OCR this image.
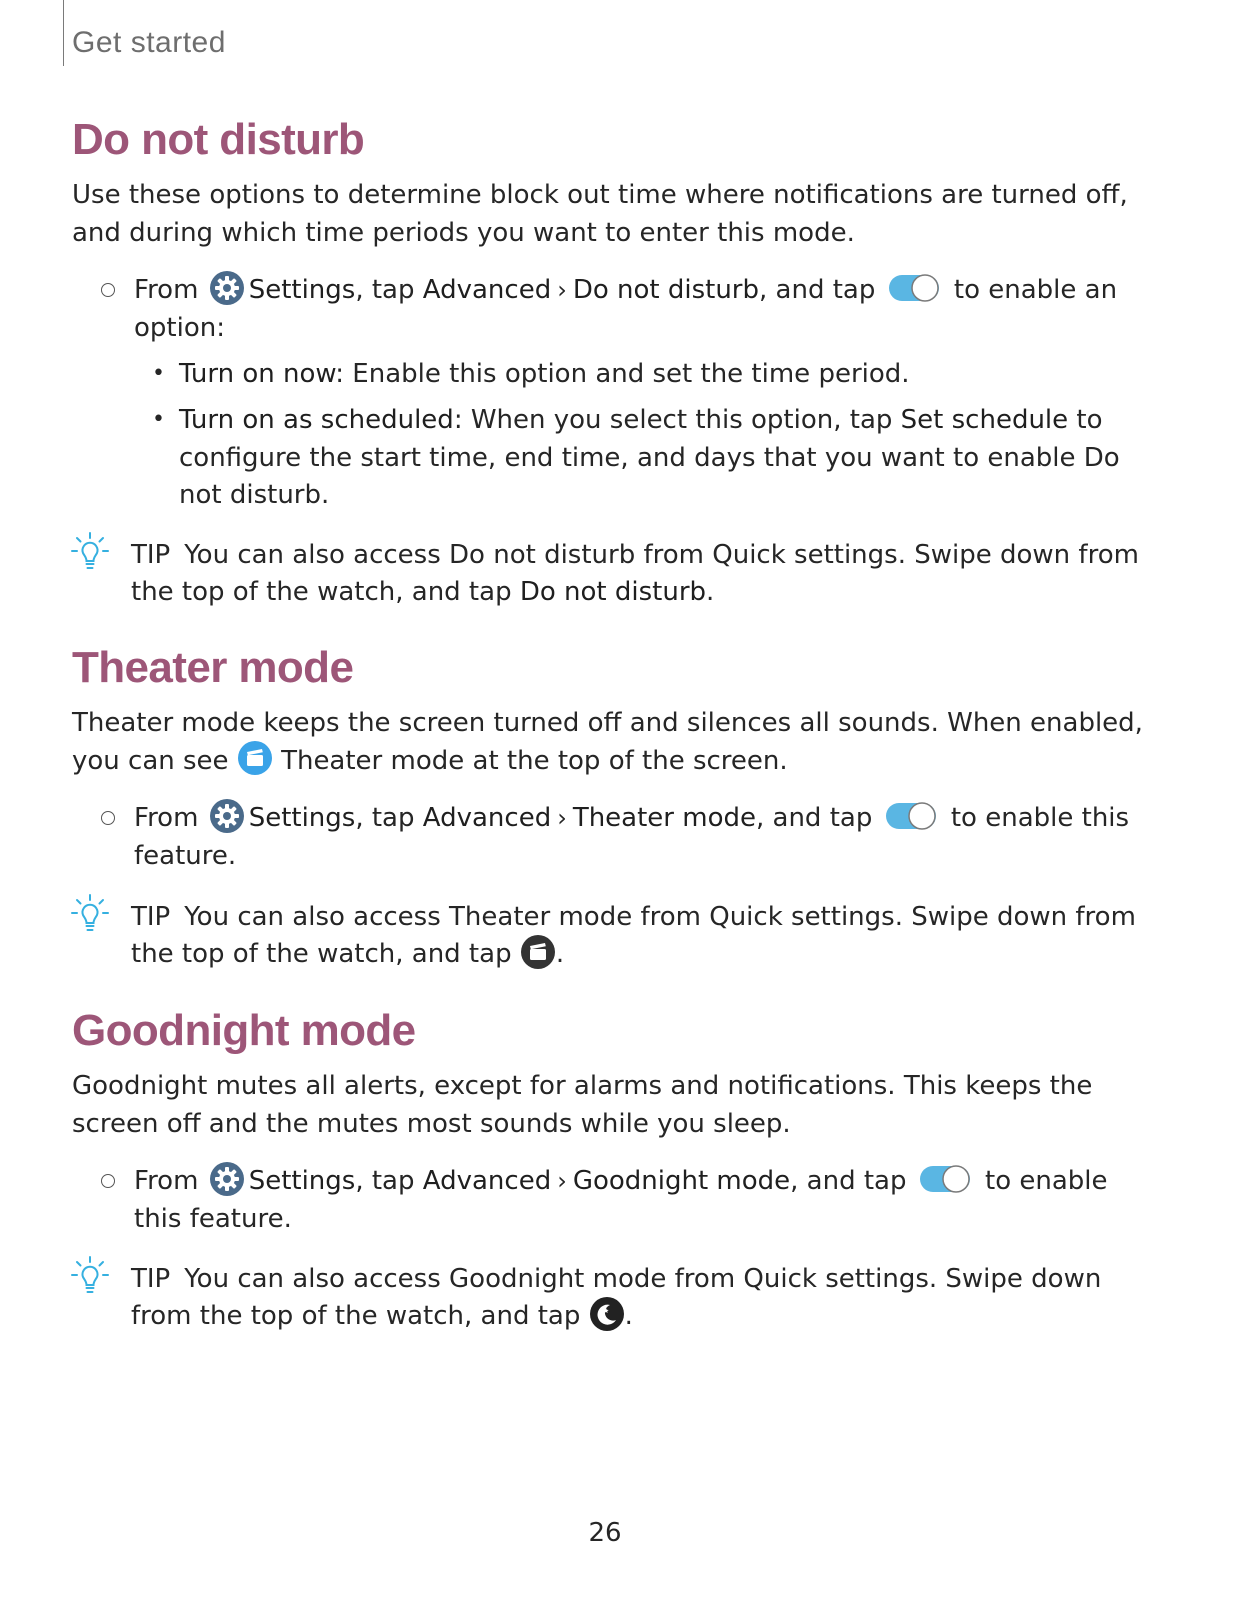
Get started
Do not disturb

Use these options to determine block out time where notifications are turned off, and during which time periods you want to enter this mode.

From Settings, tap Advanced › Do not disturb, and tap	to enable an option:
• Turn on now: Enable this option and set the time period.
• Turn on as scheduled: When you select this option, tap Set schedule to configure the start time, end time, and days that you want to enable Do not disturb.
TIP You can also access Do not disturb from Quick settings. Swipe down from the top of the watch, and tap Do not disturb.
Theater mode

Theater mode keeps the screen turned off and silences all sounds. When enabled, you can see  Theater mode at the top of the screen.

From Settings, tap Advanced › Theater mode, and tap	to enable this feature.
TIP You can also access Theater mode from Quick settings. Swipe down from the top of the watch, and tap .
Goodnight mode

Goodnight mutes all alerts, except for alarms and notifications. This keeps the screen off and the mutes most sounds while you sleep.

From Settings, tap Advanced › Goodnight mode, and tap	to enable this feature.
TIP You can also access Goodnight mode from Quick settings. Swipe down from the top of the watch, and tap .
26
